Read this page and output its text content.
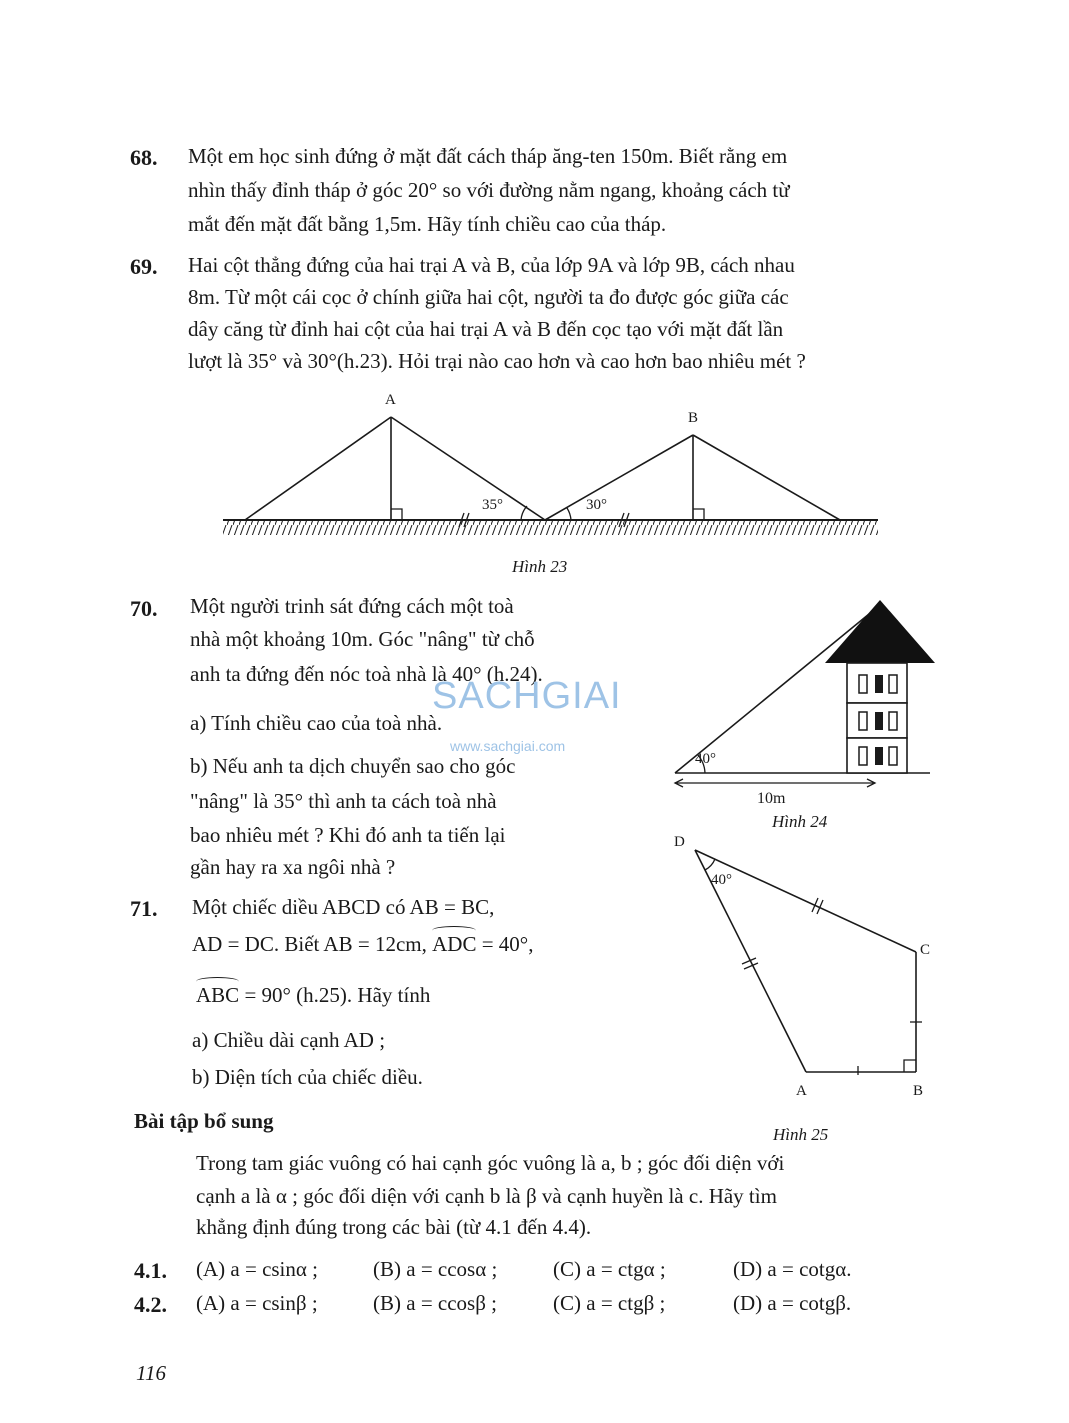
68. Một em học sinh đứng ở mặt đất cách tháp ăng-ten 150m. Biết rằng em
nhìn thấy đỉnh tháp ở góc 20° so với đường nằm ngang, khoảng cách từ
mắt đến mặt đất bằng 1,5m. Hãy tính chiều cao của tháp.
69. Hai cột thẳng đứng của hai trại A và B, của lớp 9A và lớp 9B, cách nhau
8m. Từ một cái cọc ở chính giữa hai cột, người ta đo được góc giữa các
dây căng từ đỉnh hai cột của hai trại A và B đến cọc tạo với mặt đất lần
lượt là 35° và 30°(h.23). Hỏi trại nào cao hơn và cao hơn bao nhiêu mét ?
A
B
35°	30°
Hình 23
70. Một người trinh sát đứng cách một toà
nhà một khoảng 10m. Góc "nâng" từ chỗ
anh ta đứng đến nóc toà nhà là 40° (h.24).
a) Tính chiều cao của toà nhà.
b) Nếu anh ta dịch chuyển sao cho góc
"nâng" là 35° thì anh ta cách toà nhà
bao nhiêu mét ? Khi đó anh ta tiến lại
gần hay ra xa ngôi nhà ?
SACHGIAI
www.sachgiai.com
40°
10m
Hình 24
71. Một chiếc diều ABCD có AB = BC,
AD = DC. Biết AB = 12cm, ADC = 40°,
ABC = 90° (h.25). Hãy tính
a) Chiều dài cạnh AD ;
b) Diện tích của chiếc diều.
D
40°
C
A	B
Hình 25
Bài tập bổ sung
Trong tam giác vuông có hai cạnh góc vuông là a, b ; góc đối diện với
cạnh a là α ; góc đối diện với cạnh b là β và cạnh huyền là c. Hãy tìm
khẳng định đúng trong các bài (từ 4.1 đến 4.4).
4.1. (A) a = csinα ;	(B) a = ccosα ;	(C) a = ctgα ;	(D) a = cotgα.
4.2. (A) a = csinβ ;	(B) a = ccosβ ;	(C) a = ctgβ ;	(D) a = cotgβ.
116
